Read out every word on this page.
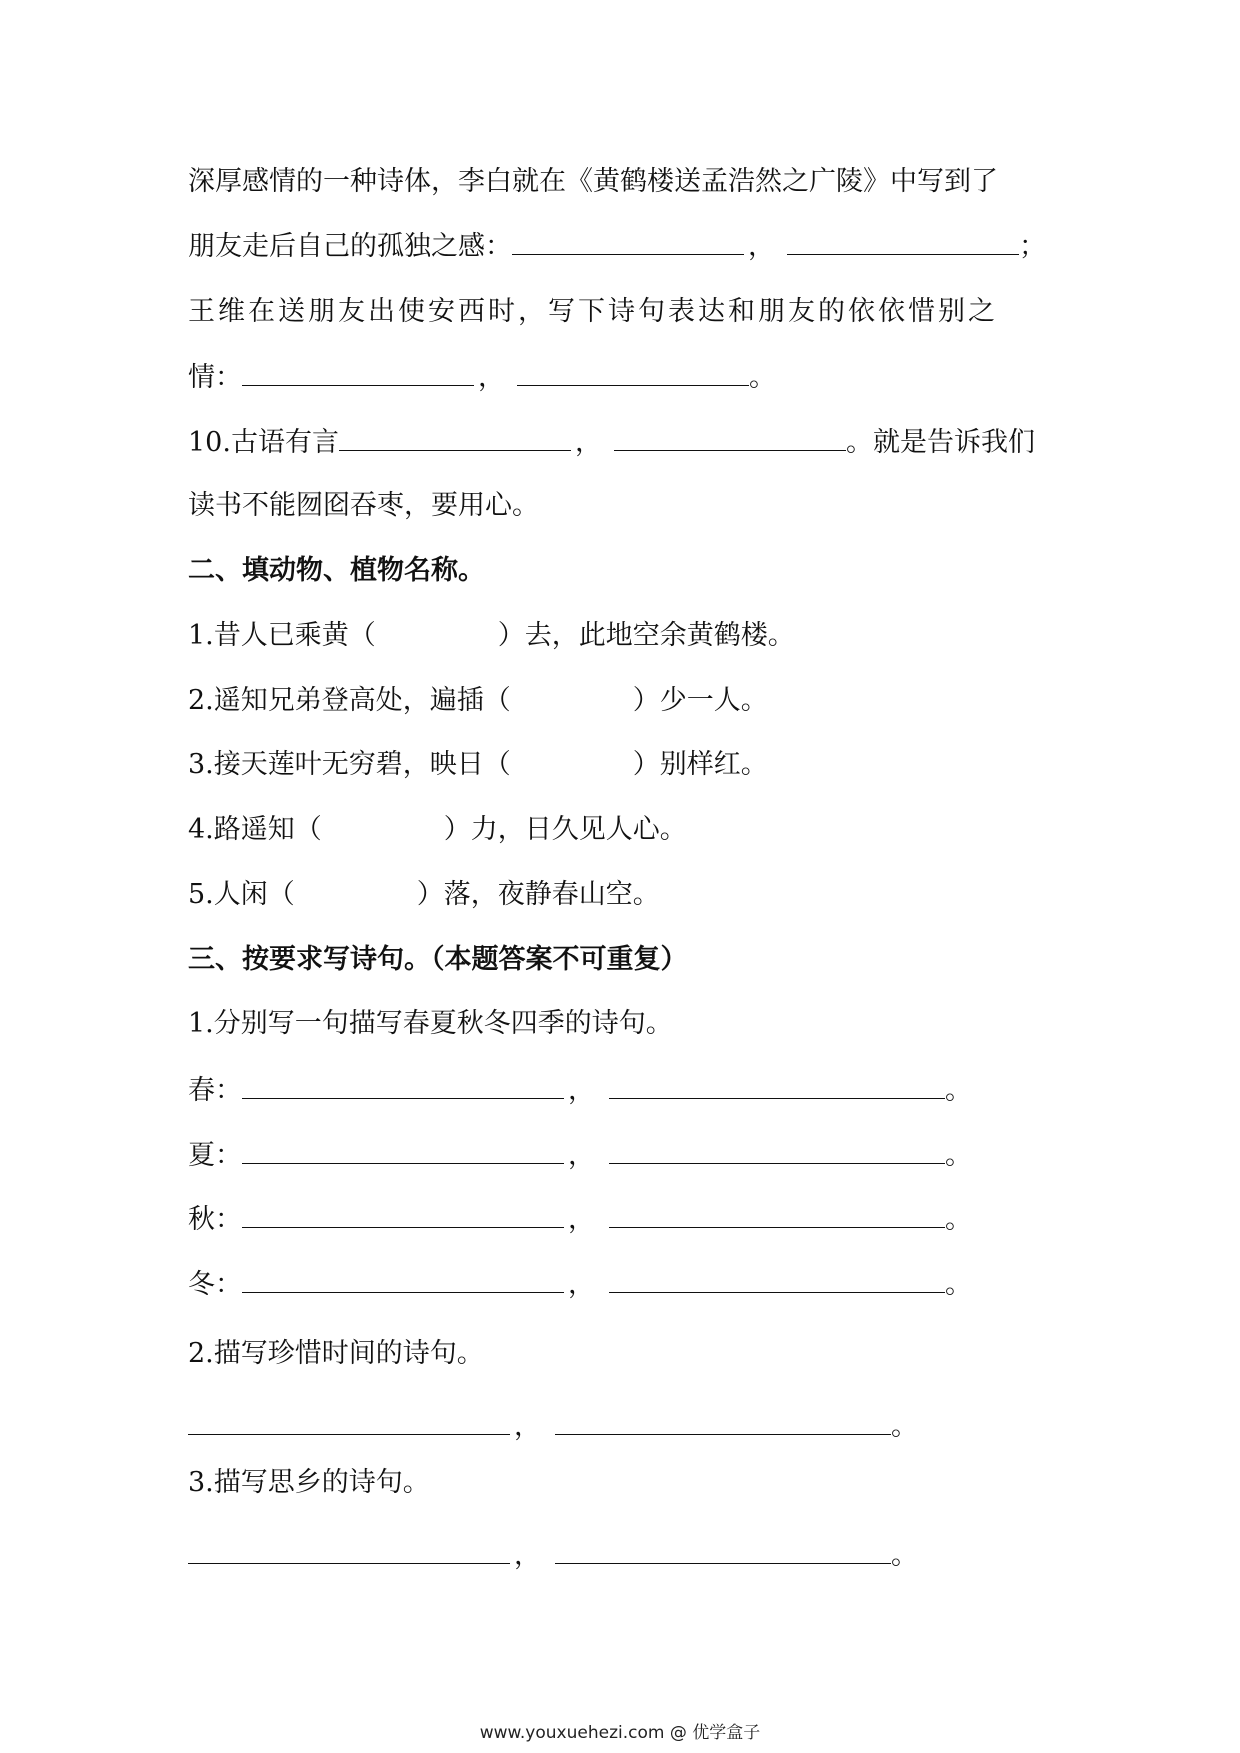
深厚感情的一种诗体，李白就在《黄鹤楼送孟浩然之广陵》中写到了
朋友走后自己的孤独之感：	，	；
王维在送朋友出使安西时，写下诗句表达和朋友的依依惜别之
情：	，	。
10.古语有言	，	。就是告诉我们
读书不能囫囵吞枣，要用心。
二、填动物、植物名称。
1.昔人已乘黄（	）去，此地空余黄鹤楼。
2.遥知兄弟登高处，遍插（	）少一人。
3.接天莲叶无穷碧，映日（	）别样红。
4.路遥知（	）力，日久见人心。
5.人闲（	）落，夜静春山空。
三、按要求写诗句。（本题答案不可重复）
1.分别写一句描写春夏秋冬四季的诗句。
春：	，	。
夏：	，	。
秋：	，	。
冬：	，	。
2.描写珍惜时间的诗句。
，	。
3.描写思乡的诗句。
，	。
www.youxuehezi.com @ 优学盒子
